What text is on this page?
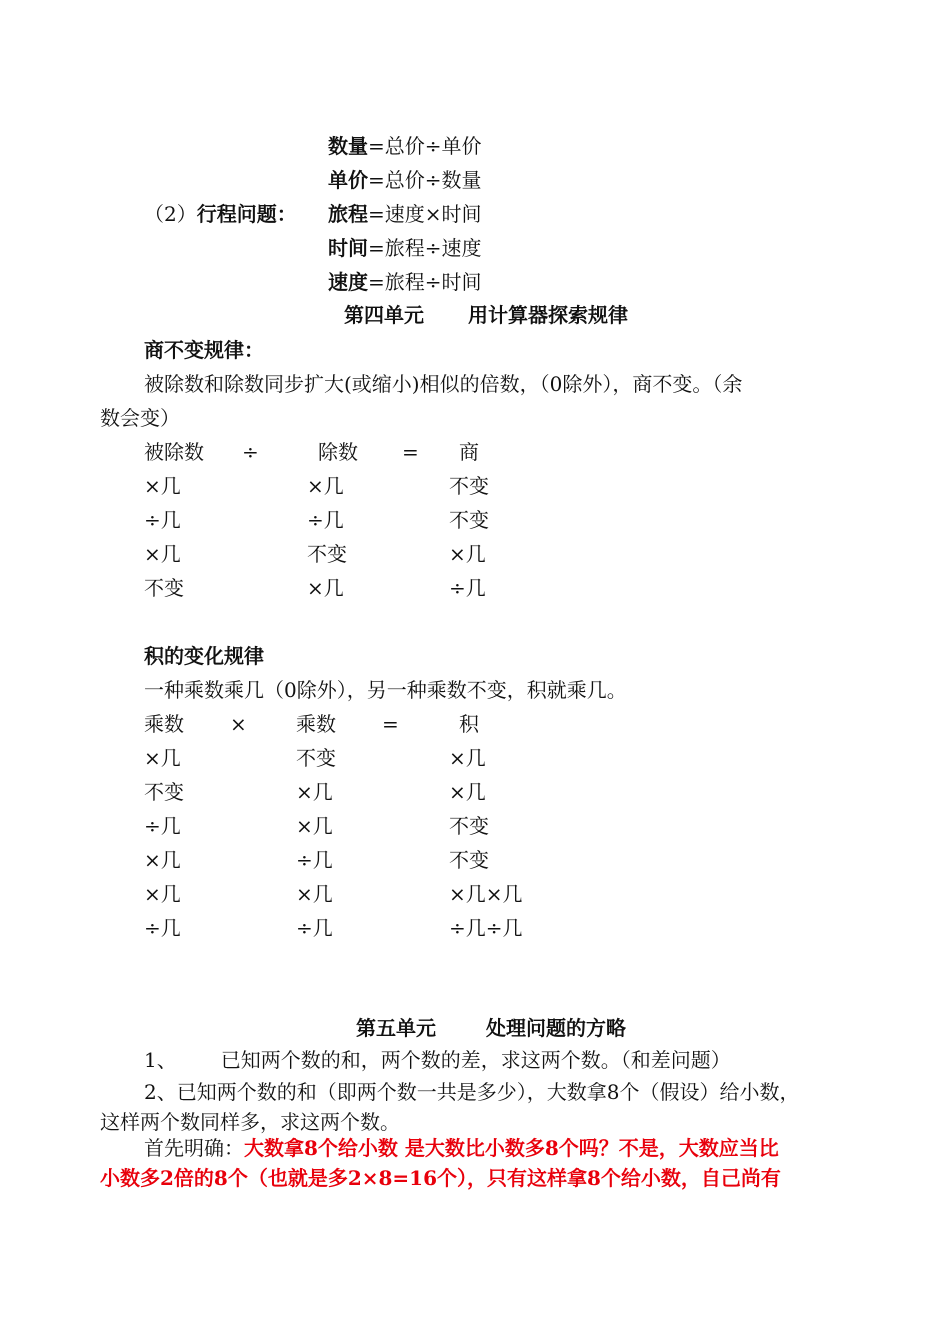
数量=总价÷单价
单价=总价÷数量
（2）行程问题： 旅程=速度×时间
时间=旅程÷速度
速度=旅程÷时间
第四单元 用计算器探索规律
商不变规律：
被除数和除数同步扩大(或缩小)相似的倍数，（0除外），商不变。（余
数会变）
被除数 ÷	除数 = 商
×几	×几	不变
÷几	÷几	不变
×几	不变	×几
不变	×几	÷几
积的变化规律
一种乘数乘几（0除外），另一种乘数不变，积就乘几。
乘数 × 乘数 =	积
×几	不变	×几
不变	×几	×几
÷几	×几	不变
×几	÷几	不变
×几	×几	×几×几
÷几	÷几	÷几÷几
第五单元	处理问题的方略
1、 已知两个数的和，两个数的差，求这两个数。（和差问题）
2、已知两个数的和（即两个数一共是多少），大数拿8个（假设）给小数，
这样两个数同样多，求这两个数。
首先明确：大数拿8个给小数 是大数比小数多8个吗？不是，大数应当比
小数多2倍的8个（也就是多2×8=16个），只有这样拿8个给小数，自己尚有
